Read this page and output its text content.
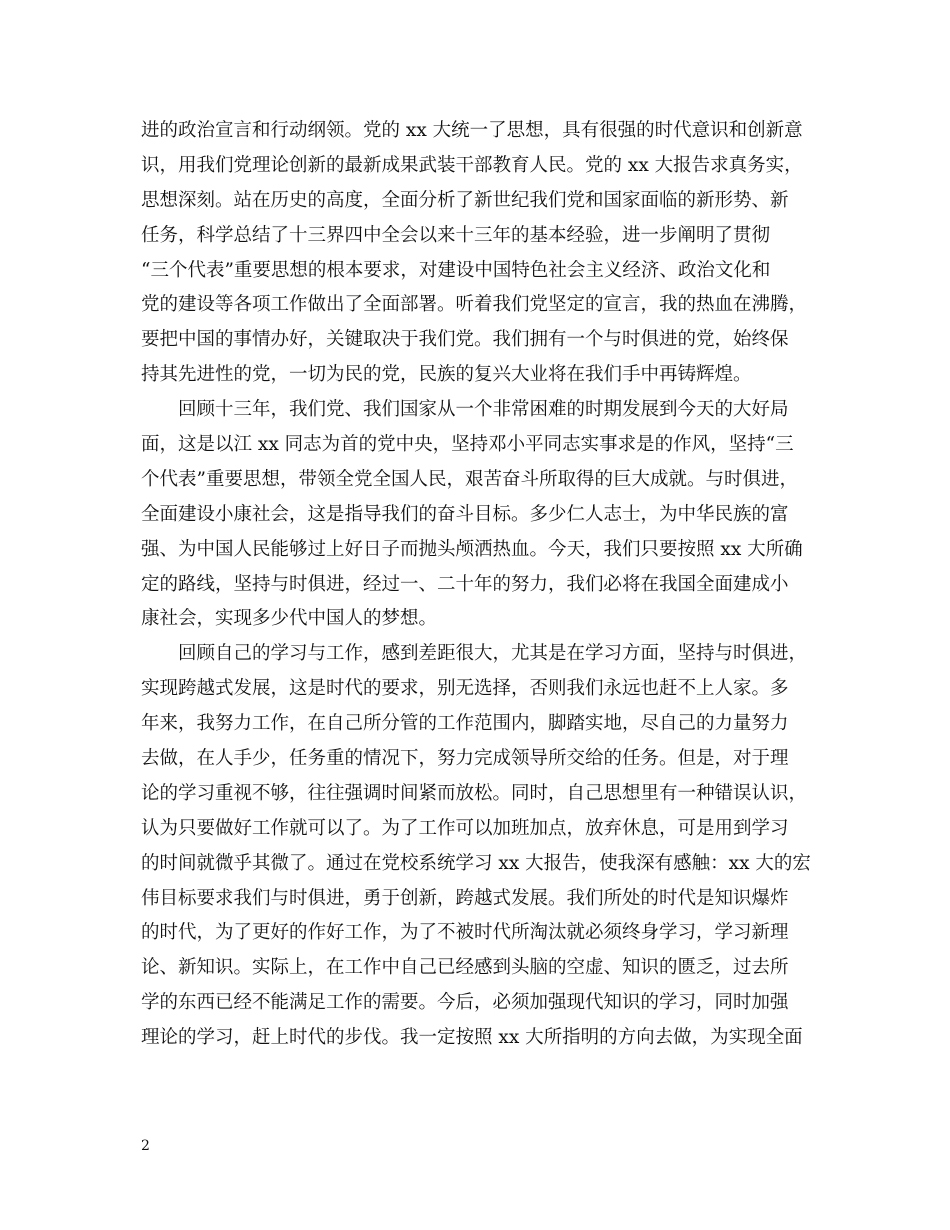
进的政治宣言和行动纲领。党的 xx 大统一了思想，具有很强的时代意识和创新意
识，用我们党理论创新的最新成果武装干部教育人民。党的 xx 大报告求真务实，
思想深刻。站在历史的高度，全面分析了新世纪我们党和国家面临的新形势、新
任务，科学总结了十三界四中全会以来十三年的基本经验，进一步阐明了贯彻
“三个代表”重要思想的根本要求，对建设中国特色社会主义经济、政治文化和
党的建设等各项工作做出了全面部署。听着我们党坚定的宣言，我的热血在沸腾，
要把中国的事情办好，关键取决于我们党。我们拥有一个与时俱进的党，始终保
持其先进性的党，一切为民的党，民族的复兴大业将在我们手中再铸辉煌。
　　回顾十三年，我们党、我们国家从一个非常困难的时期发展到今天的大好局
面，这是以江 xx 同志为首的党中央，坚持邓小平同志实事求是的作风，坚持“三
个代表”重要思想，带领全党全国人民，艰苦奋斗所取得的巨大成就。与时俱进，
全面建设小康社会，这是指导我们的奋斗目标。多少仁人志士，为中华民族的富
强、为中国人民能够过上好日子而抛头颅洒热血。今天，我们只要按照 xx 大所确
定的路线，坚持与时俱进，经过一、二十年的努力，我们必将在我国全面建成小
康社会，实现多少代中国人的梦想。
　　回顾自己的学习与工作，感到差距很大，尤其是在学习方面，坚持与时俱进，
实现跨越式发展，这是时代的要求，别无选择，否则我们永远也赶不上人家。多
年来，我努力工作，在自己所分管的工作范围内，脚踏实地，尽自己的力量努力
去做，在人手少，任务重的情况下，努力完成领导所交给的任务。但是，对于理
论的学习重视不够，往往强调时间紧而放松。同时，自己思想里有一种错误认识，
认为只要做好工作就可以了。为了工作可以加班加点，放弃休息，可是用到学习
的时间就微乎其微了。通过在党校系统学习 xx 大报告，使我深有感触：xx 大的宏
伟目标要求我们与时俱进，勇于创新，跨越式发展。我们所处的时代是知识爆炸
的时代，为了更好的作好工作，为了不被时代所淘汰就必须终身学习，学习新理
论、新知识。实际上，在工作中自己已经感到头脑的空虚、知识的匮乏，过去所
学的东西已经不能满足工作的需要。今后，必须加强现代知识的学习，同时加强
理论的学习，赶上时代的步伐。我一定按照 xx 大所指明的方向去做，为实现全面
2
